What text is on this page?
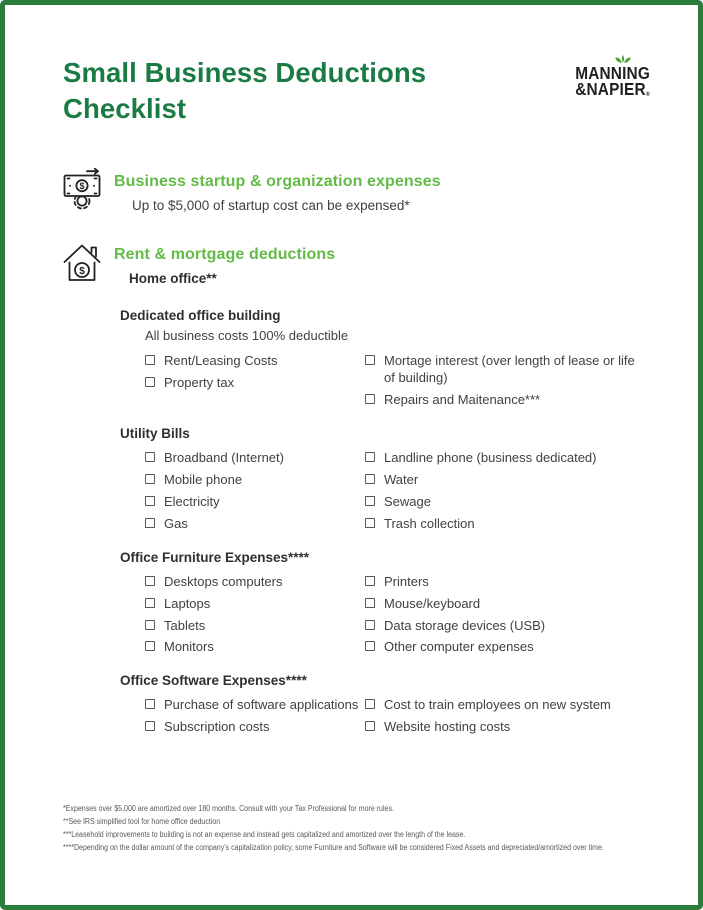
Small Business Deductions Checklist
MANNING
&NAPIER®
$ Business startup & organization expenses

Up to $5,000 of startup cost can be expensed*

$
Rent & mortgage deductions

Home office**

Dedicated office building
All business costs 100% deductible
Rent/Leasing Costs
Property tax
Mortage interest (over length of lease or life of building)
Repairs and Maitenance***
Utility Bills
Broadband (Internet)
Mobile phone
Electricity
Gas
Landline phone (business dedicated)
Water
Sewage
Trash collection
Office Furniture Expenses****
Desktops computers
Laptops
Tablets
Monitors
Printers
Mouse/keyboard
Data storage devices (USB)
Other computer expenses
Office Software Expenses****
Purchase of software applications
Subscription costs
Cost to train employees on new system
Website hosting costs
*Expenses over $5,000 are amortized over 180 months. Consult with your Tax Professional for more rules.
**See IRS simplified tool for home office deduction
***Leasehold improvements to building is not an expense and instead gets capitalized and amortized over the length of the lease.
****Depending on the dollar amount of the company's capitalization policy, some Furniture and Software will be considered Fixed Assets and depreciated/amortized over time.
